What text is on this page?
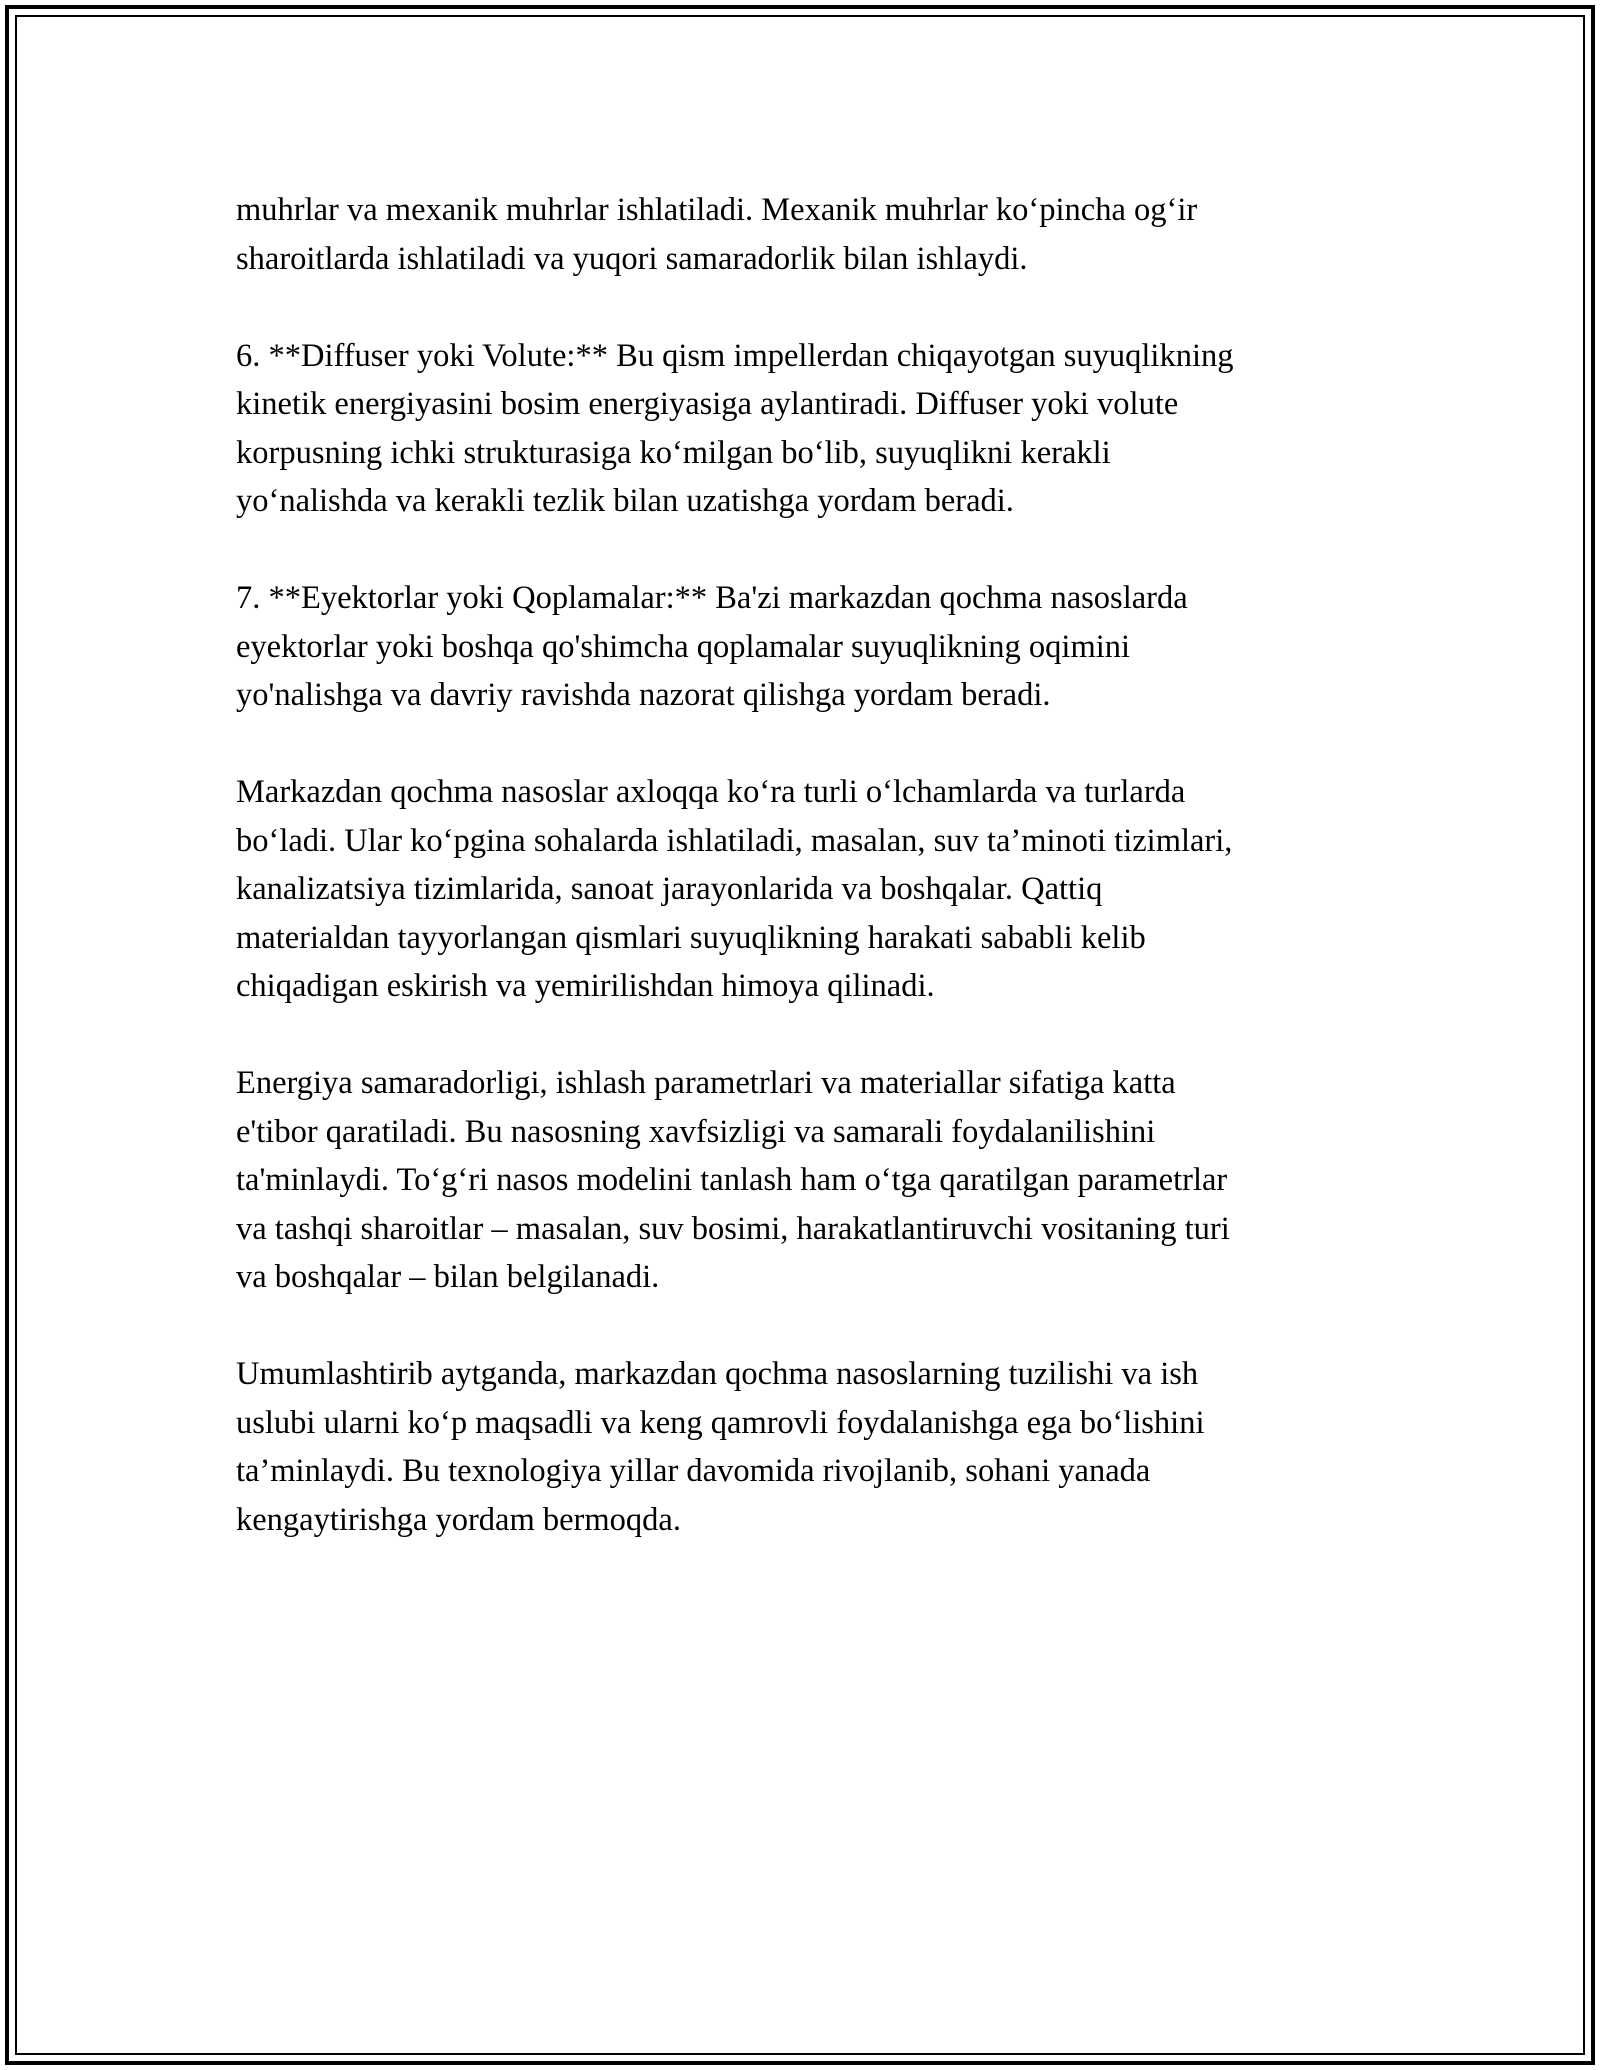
muhrlar va mexanik muhrlar ishlatiladi. Mexanik muhrlar ko‘pincha og‘ir
sharoitlarda ishlatiladi va yuqori samaradorlik bilan ishlaydi.

6. **Diffuser yoki Volute:** Bu qism impellerdan chiqayotgan suyuqlikning
kinetik energiyasini bosim energiyasiga aylantiradi. Diffuser yoki volute
korpusning ichki strukturasiga ko‘milgan bo‘lib, suyuqlikni kerakli
yo‘nalishda va kerakli tezlik bilan uzatishga yordam beradi.

7. **Eyektorlar yoki Qoplamalar:** Ba'zi markazdan qochma nasoslarda
eyektorlar yoki boshqa qo'shimcha qoplamalar suyuqlikning oqimini
yo'nalishga va davriy ravishda nazorat qilishga yordam beradi.

Markazdan qochma nasoslar axloqqa ko‘ra turli o‘lchamlarda va turlarda
bo‘ladi. Ular ko‘pgina sohalarda ishlatiladi, masalan, suv ta’minoti tizimlari,
kanalizatsiya tizimlarida, sanoat jarayonlarida va boshqalar. Qattiq
materialdan tayyorlangan qismlari suyuqlikning harakati sababli kelib
chiqadigan eskirish va yemirilishdan himoya qilinadi.

Energiya samaradorligi, ishlash parametrlari va materiallar sifatiga katta
e'tibor qaratiladi. Bu nasosning xavfsizligi va samarali foydalanilishini
ta'minlaydi. To‘g‘ri nasos modelini tanlash ham o‘tga qaratilgan parametrlar
va tashqi sharoitlar – masalan, suv bosimi, harakatlantiruvchi vositaning turi
va boshqalar – bilan belgilanadi.

Umumlashtirib aytganda, markazdan qochma nasoslarning tuzilishi va ish
uslubi ularni ko‘p maqsadli va keng qamrovli foydalanishga ega bo‘lishini
ta’minlaydi. Bu texnologiya yillar davomida rivojlanib, sohani yanada
kengaytirishga yordam bermoqda.
